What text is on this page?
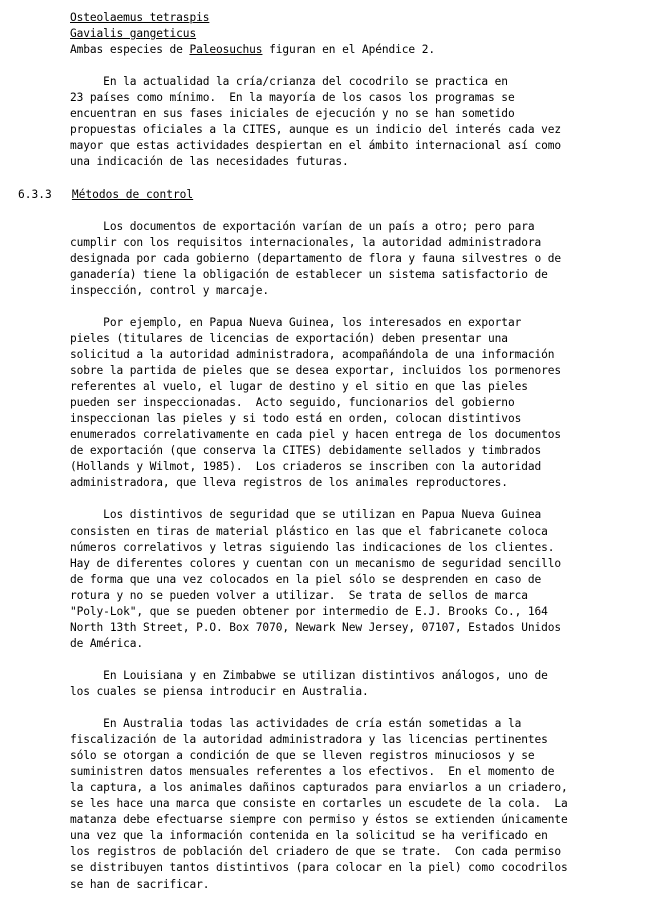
Osteolaemus tetraspis
Gavialis gangeticus
Ambas especies de Paleosuchus figuran en el Apéndice 2.
En la actualidad la cría/crianza del cocodrilo se practica en
23 países como mínimo.  En la mayoría de los casos los programas se
encuentran en sus fases iniciales de ejecución y no se han sometido
propuestas oficiales a la CITES, aunque es un indicio del interés cada vez
mayor que estas actividades despiertan en el ámbito internacional así como
una indicación de las necesidades futuras.
6.3.3 Métodos de control
Los documentos de exportación varían de un país a otro; pero para
cumplir con los requisitos internacionales, la autoridad administradora
designada por cada gobierno (departamento de flora y fauna silvestres o de
ganadería) tiene la obligación de establecer un sistema satisfactorio de
inspección, control y marcaje.
Por ejemplo, en Papua Nueva Guinea, los interesados en exportar
pieles (titulares de licencias de exportación) deben presentar una
solicitud a la autoridad administradora, acompañándola de una información
sobre la partida de pieles que se desea exportar, incluidos los pormenores
referentes al vuelo, el lugar de destino y el sitio en que las pieles
pueden ser inspeccionadas.  Acto seguido, funcionarios del gobierno
inspeccionan las pieles y si todo está en orden, colocan distintivos
enumerados correlativamente en cada piel y hacen entrega de los documentos
de exportación (que conserva la CITES) debidamente sellados y timbrados
(Hollands y Wilmot, 1985).  Los criaderos se inscriben con la autoridad
administradora, que lleva registros de los animales reproductores.
Los distintivos de seguridad que se utilizan en Papua Nueva Guinea
consisten en tiras de material plástico en las que el fabricanete coloca
números correlativos y letras siguiendo las indicaciones de los clientes.
Hay de diferentes colores y cuentan con un mecanismo de seguridad sencillo
de forma que una vez colocados en la piel sólo se desprenden en caso de
rotura y no se pueden volver a utilizar.  Se trata de sellos de marca
"Poly-Lok", que se pueden obtener por intermedio de E.J. Brooks Co., 164
North 13th Street, P.O. Box 7070, Newark New Jersey, 07107, Estados Unidos
de América.
En Louisiana y en Zimbabwe se utilizan distintivos análogos, uno de
los cuales se piensa introducir en Australia.
En Australia todas las actividades de cría están sometidas a la
fiscalización de la autoridad administradora y las licencias pertinentes
sólo se otorgan a condición de que se lleven registros minuciosos y se
suministren datos mensuales referentes a los efectivos.  En el momento de
la captura, a los animales dañinos capturados para enviarlos a un criadero,
se les hace una marca que consiste en cortarles un escudete de la cola.  La
matanza debe efectuarse siempre con permiso y éstos se extienden únicamente
una vez que la información contenida en la solicitud se ha verificado en
los registros de población del criadero de que se trate.  Con cada permiso
se distribuyen tantos distintivos (para colocar en la piel) como cocodrilos
se han de sacrificar.
